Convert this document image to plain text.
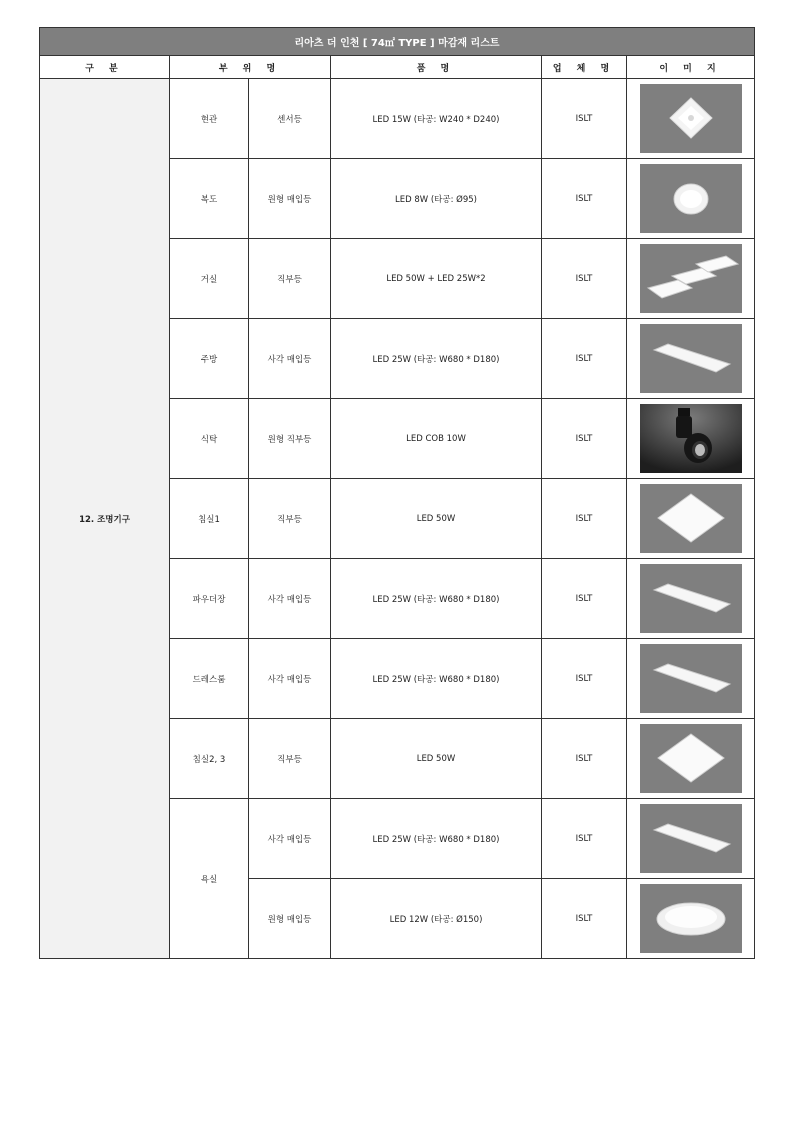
리아츠 더 인천 [ 74㎡ TYPE ] 마감재 리스트					
구 분	부 위 명		품 명	업 체 명	이 미 지
12. 조명기구	현관	센서등	LED 15W (타공: W240 * D240)	ISLT	

	복도	원형 매입등	LED 8W (타공: Ø95)	ISLT	

	거실	직부등	LED 50W + LED 25W*2	ISLT	

	주방	사각 매입등	LED 25W (타공: W680 * D180)	ISLT	

	식탁	원형 직부등	LED COB 10W	ISLT	

	침실1	직부등	LED 50W	ISLT	

	파우더장	사각 매입등	LED 25W (타공: W680 * D180)	ISLT	

	드레스룸	사각 매입등	LED 25W (타공: W680 * D180)	ISLT	

	침실2, 3	직부등	LED 50W	ISLT	

	욕실	사각 매입등	LED 25W (타공: W680 * D180)	ISLT	

		원형 매입등	LED 12W (타공: Ø150)	ISLT	
